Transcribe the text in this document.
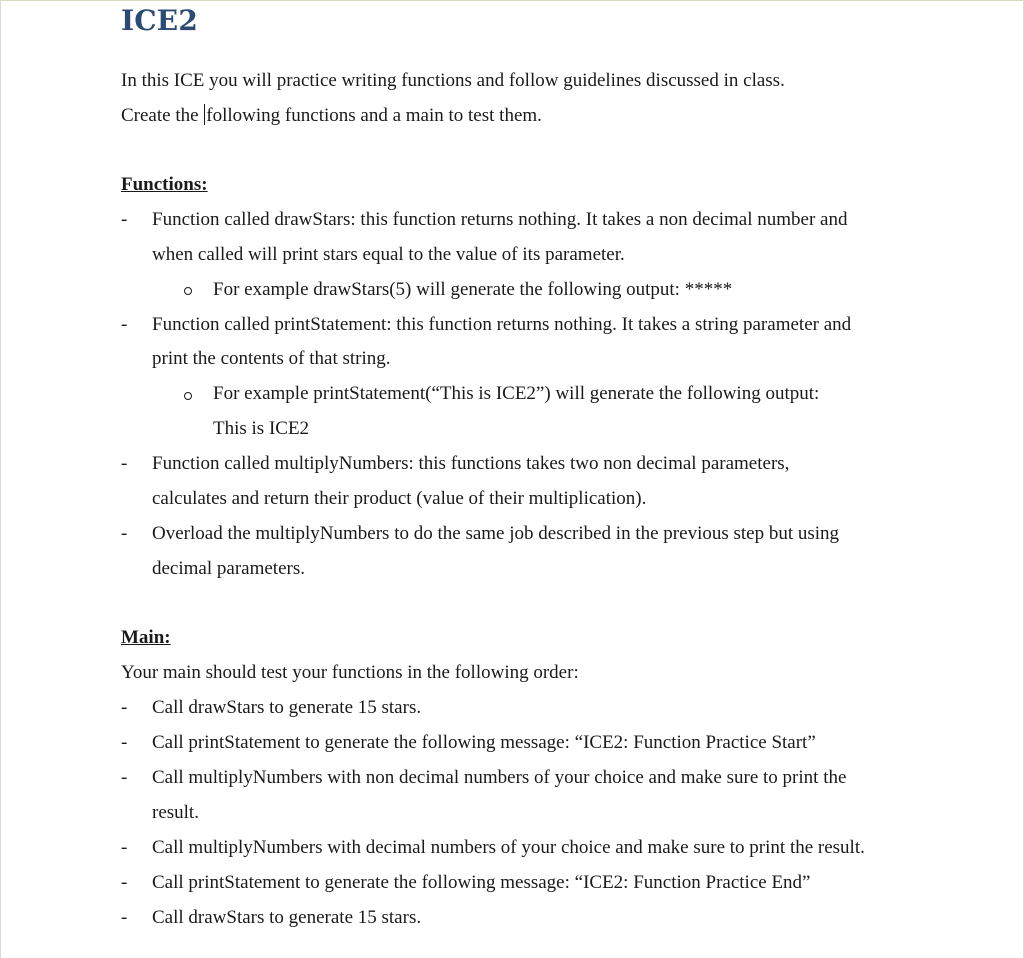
ICE2
In this ICE you will practice writing functions and follow guidelines discussed in class.
Create the following functions and a main to test them.
Functions:
- Function called drawStars: this function returns nothing. It takes a non decimal number and
when called will print stars equal to the value of its parameter.
For example drawStars(5) will generate the following output: *****
- Function called printStatement: this function returns nothing. It takes a string parameter and
print the contents of that string.
For example printStatement(“This is ICE2”) will generate the following output:
This is ICE2
- Function called multiplyNumbers: this functions takes two non decimal parameters,
calculates and return their product (value of their multiplication).
- Overload the multiplyNumbers to do the same job described in the previous step but using
decimal parameters.
Main:
Your main should test your functions in the following order:
- Call drawStars to generate 15 stars.
- Call printStatement to generate the following message: “ICE2: Function Practice Start”
- Call multiplyNumbers with non decimal numbers of your choice and make sure to print the
result.
- Call multiplyNumbers with decimal numbers of your choice and make sure to print the result.
- Call printStatement to generate the following message: “ICE2: Function Practice End”
- Call drawStars to generate 15 stars.
